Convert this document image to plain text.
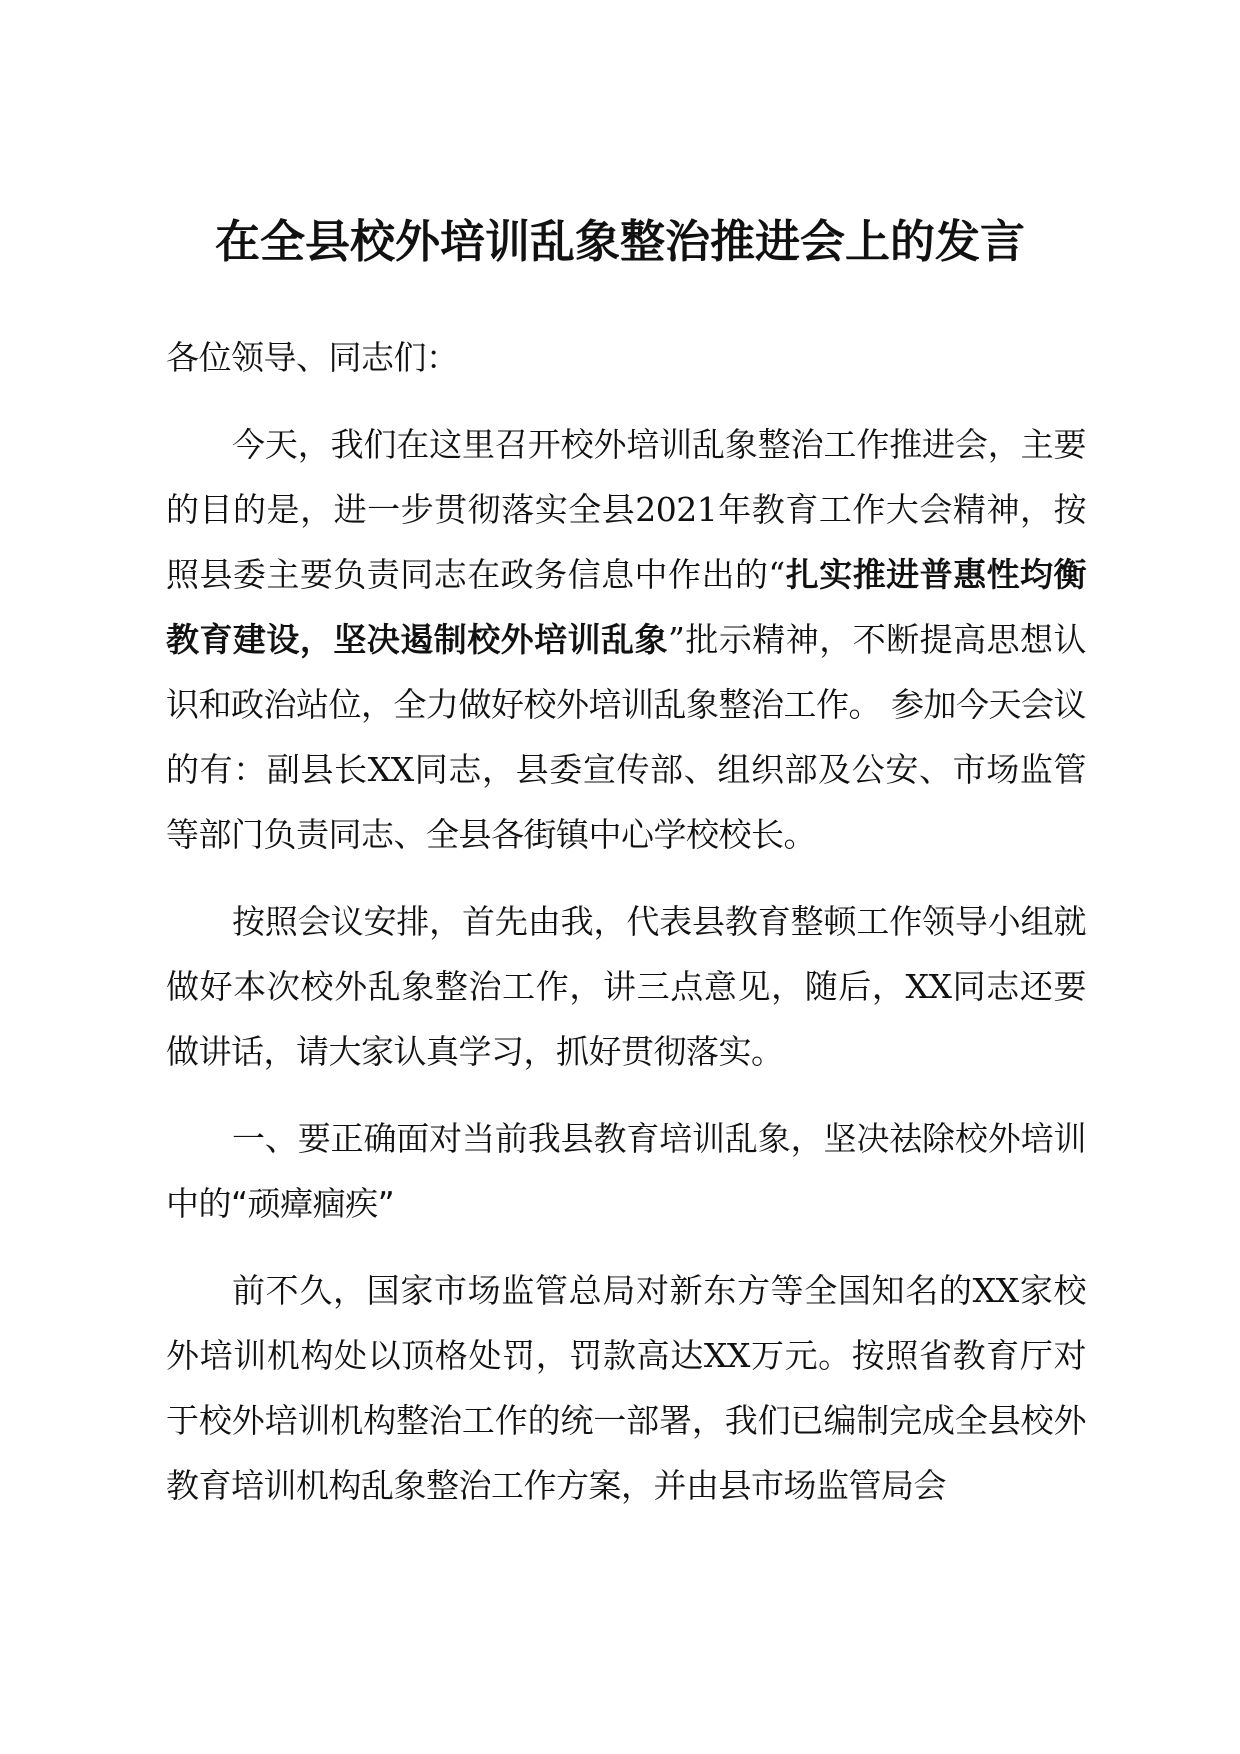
在全县校外培训乱象整治推进会上的发言

各位领导、同志们：

今天，我们在这里召开校外培训乱象整治工作推进会，主要的目的是，进一步贯彻落实全县2021年教育工作大会精神，按照县委主要负责同志在政务信息中作出的“扎实推进普惠性均衡教育建设，坚决遏制校外培训乱象”批示精神，不断提高思想认识和政治站位，全力做好校外培训乱象整治工作。 参加今天会议的有：副县长XX同志，县委宣传部、组织部及公安、市场监管等部门负责同志、全县各街镇中心学校校长。

按照会议安排，首先由我，代表县教育整顿工作领导小组就做好本次校外乱象整治工作，讲三点意见，随后，XX同志还要做讲话，请大家认真学习，抓好贯彻落实。

一、要正确面对当前我县教育培训乱象，坚决祛除校外培训中的“顽瘴痼疾”

前不久，国家市场监管总局对新东方等全国知名的XX家校外培训机构处以顶格处罚，罚款高达XX万元。按照省教育厅对于校外培训机构整治工作的统一部署，我们已编制完成全县校外教育培训机构乱象整治工作方案，并由县市场监管局会
